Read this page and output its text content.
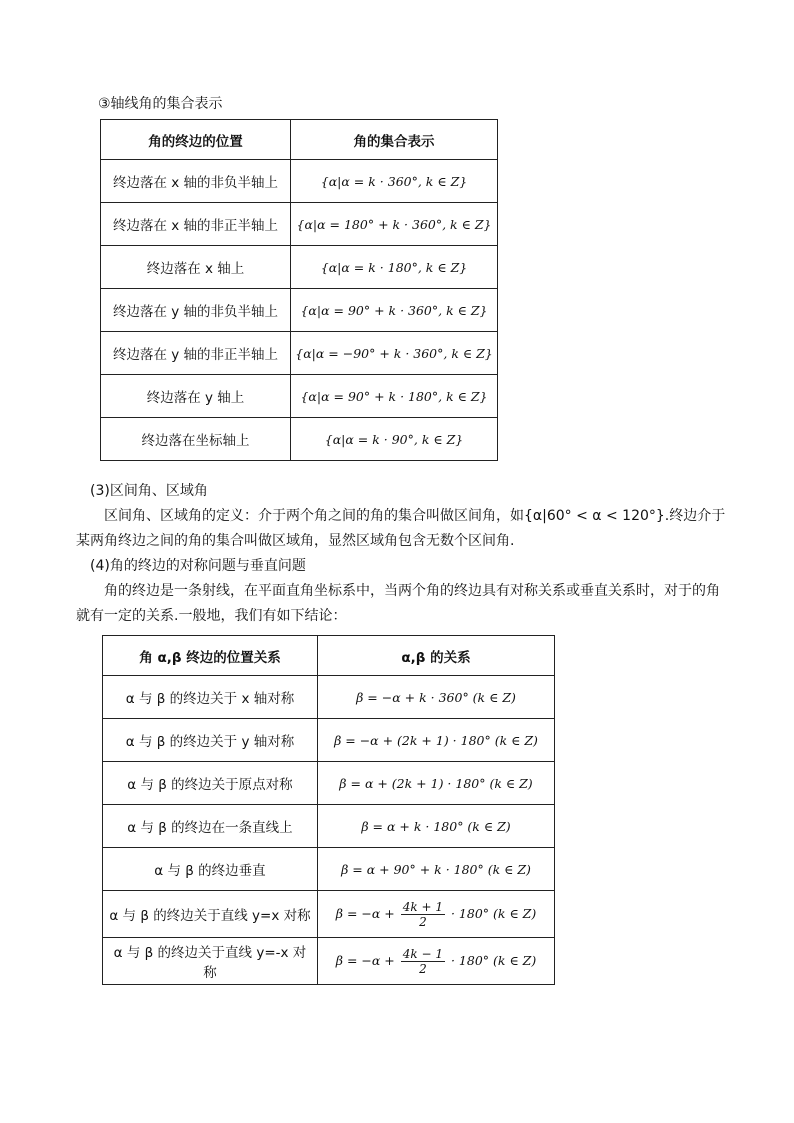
③轴线角的集合表示
角的终边的位置	角的集合表示
终边落在 x 轴的非负半轴上	{α|α = k · 360°, k ∈ Z}
终边落在 x 轴的非正半轴上	{α|α = 180° + k · 360°, k ∈ Z}
终边落在 x 轴上	{α|α = k · 180°, k ∈ Z}
终边落在 y 轴的非负半轴上	{α|α = 90° + k · 360°, k ∈ Z}
终边落在 y 轴的非正半轴上	{α|α = −90° + k · 360°, k ∈ Z}
终边落在 y 轴上	{α|α = 90° + k · 180°, k ∈ Z}
终边落在坐标轴上	{α|α = k · 90°, k ∈ Z}

(3)区间角、区域角

区间角、区域角的定义：介于两个角之间的角的集合叫做区间角，如{α|60° < α < 120°}.终边介于某两角终边之间的角的集合叫做区域角，显然区域角包含无数个区间角.

(4)角的终边的对称问题与垂直问题

角的终边是一条射线，在平面直角坐标系中，当两个角的终边具有对称关系或垂直关系时，对于的角就有一定的关系.一般地，我们有如下结论：

角 α,β 终边的位置关系	α,β 的关系
α 与 β 的终边关于 x 轴对称	β = −α + k · 360° (k ∈ Z)
α 与 β 的终边关于 y 轴对称	β = −α + (2k + 1) · 180° (k ∈ Z)
α 与 β 的终边关于原点对称	β = α + (2k + 1) · 180° (k ∈ Z)
α 与 β 的终边在一条直线上	β = α + k · 180° (k ∈ Z)
α 与 β 的终边垂直	β = α + 90° + k · 180° (k ∈ Z)
α 与 β 的终边关于直线 y=x 对称	$\beta = -\alpha + \frac{4k + 1}{2} \cdot 180^\circ$ (k ∈ Z)
α 与 β 的终边关于直线 y=-x 对称	$\beta = -\alpha + \frac{4k - 1}{2} \cdot 180^\circ$ (k ∈ Z)
